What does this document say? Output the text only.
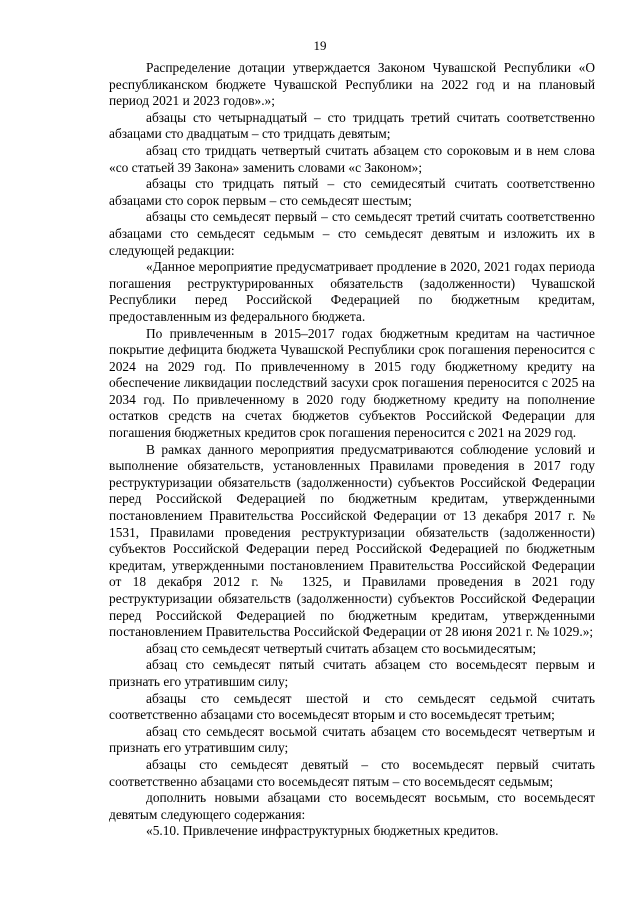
19

Распределение дотации утверждается Законом Чувашской Республики «О республиканском бюджете Чувашской Республики на 2022 год и на плановый период 2021 и 2023 годов».»;

абзацы сто четырнадцатый – сто тридцать третий считать соответственно абзацами сто двадцатым – сто тридцать девятым;

абзац сто тридцать четвертый считать абзацем сто сороковым и в нем слова «со статьей 39 Закона» заменить словами «с Законом»;

абзацы сто тридцать пятый – сто семидесятый считать соответственно абзацами сто сорок первым – сто семьдесят шестым;

абзацы сто семьдесят первый – сто семьдесят третий считать соответственно абзацами сто семьдесят седьмым – сто семьдесят девятым и изложить их в следующей редакции:

«Данное мероприятие предусматривает продление в 2020, 2021 годах периода погашения реструктурированных обязательств (задолженности) Чувашской Республики перед Российской Федерацией по бюджетным кредитам, предоставленным из федерального бюджета.

По привлеченным в 2015–2017 годах бюджетным кредитам на частичное покрытие дефицита бюджета Чувашской Республики срок погашения переносится с 2024 на 2029 год. По привлеченному в 2015 году бюджетному кредиту на обеспечение ликвидации последствий засухи срок погашения переносится с 2025 на 2034 год. По привлеченному в 2020 году бюджетному кредиту на пополнение остатков средств на счетах бюджетов субъектов Российской Федерации для погашения бюджетных кредитов срок погашения переносится с 2021 на 2029 год.

В рамках данного мероприятия предусматриваются соблюдение условий и выполнение обязательств, установленных Правилами проведения в 2017 году реструктуризации обязательств (задолженности) субъектов Российской Федерации перед Российской Федерацией по бюджетным кредитам, утвержденными постановлением Правительства Российской Федерации от 13 декабря 2017 г. № 1531, Правилами проведения реструктуризации обязательств (задолженности) субъектов Российской Федерации перед Российской Федерацией по бюджетным кредитам, утвержденными постановлением Правительства Российской Федерации от 18 декабря 2012 г. № 1325, и Правилами проведения в 2021 году реструктуризации обязательств (задолженности) субъектов Российской Федерации перед Российской Федерацией по бюджетным кредитам, утвержденными постановлением Правительства Российской Федерации от 28 июня 2021 г. № 1029.»;

абзац сто семьдесят четвертый считать абзацем сто восьмидесятым;

абзац сто семьдесят пятый считать абзацем сто восемьдесят первым и признать его утратившим силу;

абзацы сто семьдесят шестой и сто семьдесят седьмой считать соответственно абзацами сто восемьдесят вторым и сто восемьдесят третьим;

абзац сто семьдесят восьмой считать абзацем сто восемьдесят четвертым и признать его утратившим силу;

абзацы сто семьдесят девятый – сто восемьдесят первый считать соответственно абзацами сто восемьдесят пятым – сто восемьдесят седьмым;

дополнить новыми абзацами сто восемьдесят восьмым, сто восемьдесят девятым следующего содержания:

«5.10. Привлечение инфраструктурных бюджетных кредитов.
